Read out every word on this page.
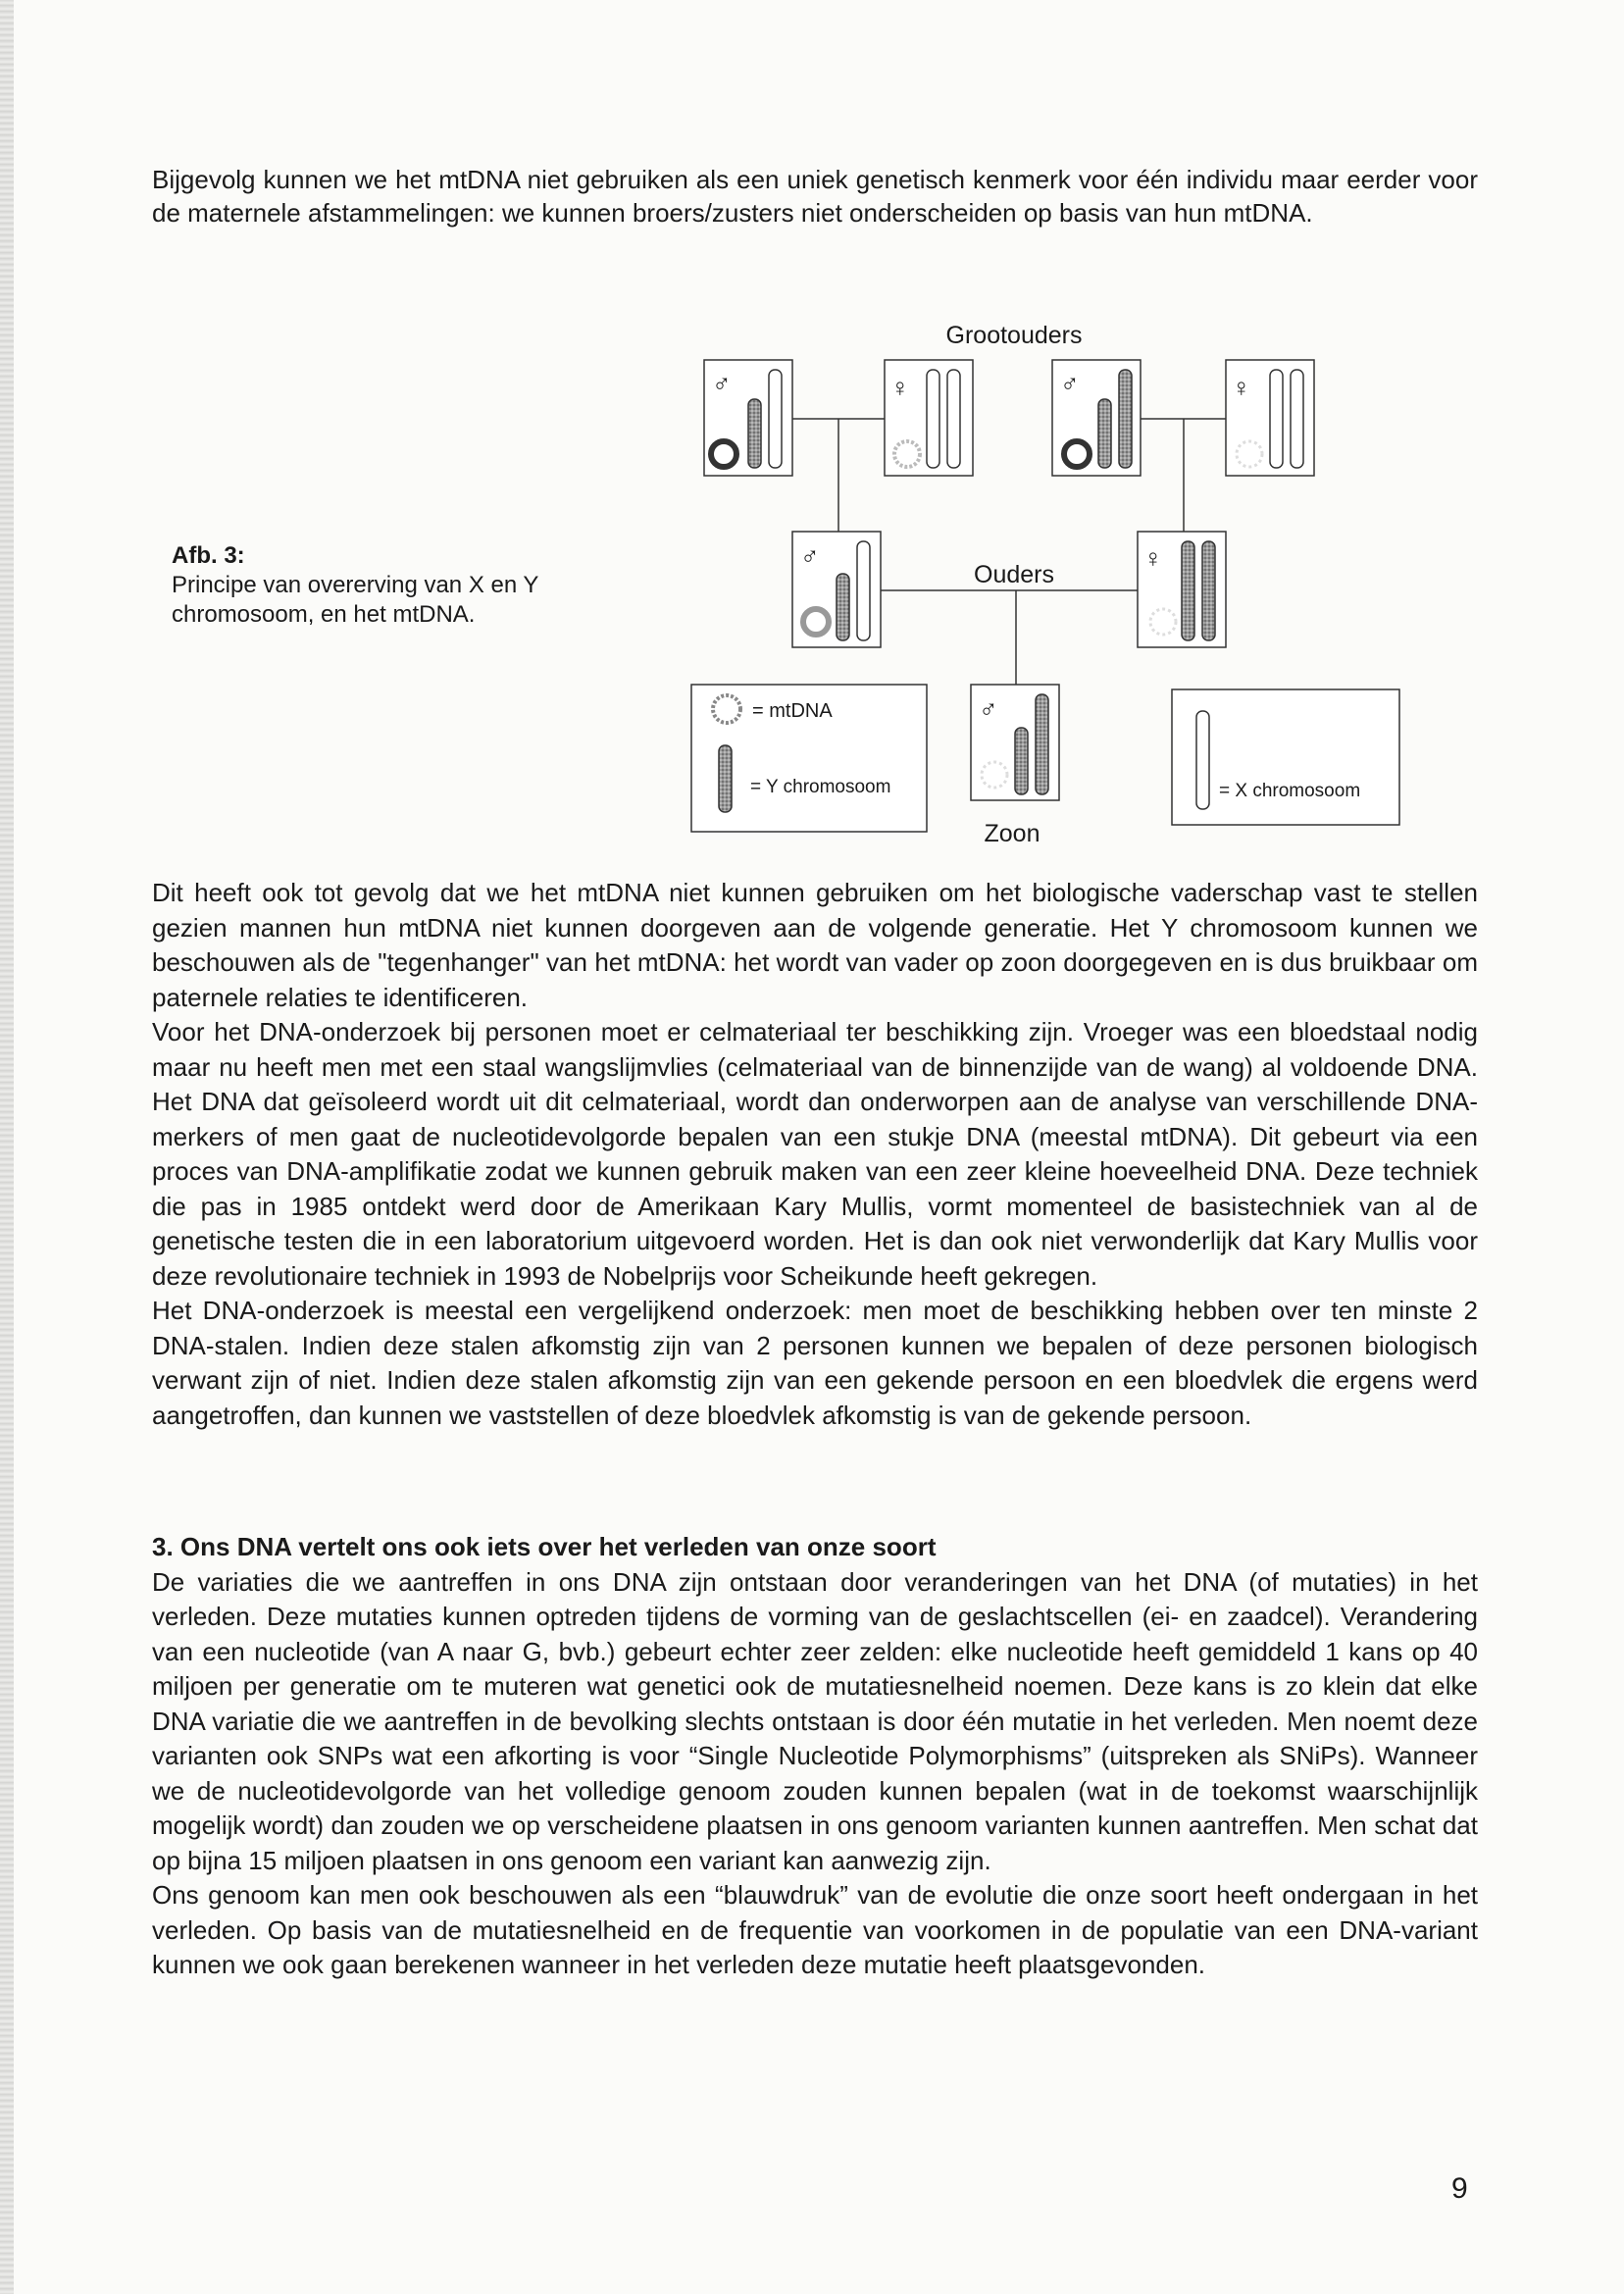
Bijgevolg kunnen we het mtDNA niet gebruiken als een uniek genetisch kenmerk voor één individu maar eerder voor de maternele afstammelingen: we kunnen broers/zusters niet onderscheiden op basis van hun mtDNA.

Afb. 3:
Principe van overerving van X en Y chromosoom, en het mtDNA.
Grootouders
♂	♀	♂	♀
Ouders
♂	♀
= mtDNA
= Y chromosoom
♂
Zoon
= X chromosoom

Dit heeft ook tot gevolg dat we het mtDNA niet kunnen gebruiken om het biologische vaderschap vast te stellen gezien mannen hun mtDNA niet kunnen doorgeven aan de volgende generatie. Het Y chromosoom kunnen we beschouwen als de "tegenhanger" van het mtDNA: het wordt van vader op zoon doorgegeven en is dus bruikbaar om paternele relaties te identificeren.

Voor het DNA-onderzoek bij personen moet er celmateriaal ter beschikking zijn. Vroeger was een bloedstaal nodig maar nu heeft men met een staal wangslijmvlies (celmateriaal van de binnenzijde van de wang) al voldoende DNA. Het DNA dat geïsoleerd wordt uit dit celmateriaal, wordt dan onderworpen aan de analyse van verschillende DNA-merkers of men gaat de nucleotidevolgorde bepalen van een stukje DNA (meestal mtDNA). Dit gebeurt via een proces van DNA-amplifikatie zodat we kunnen gebruik maken van een zeer kleine hoeveelheid DNA. Deze techniek die pas in 1985 ontdekt werd door de Amerikaan Kary Mullis, vormt momenteel de basistechniek van al de genetische testen die in een laboratorium uitgevoerd worden. Het is dan ook niet verwonderlijk dat Kary Mullis voor deze revolutionaire techniek in 1993 de Nobelprijs voor Scheikunde heeft gekregen.

Het DNA-onderzoek is meestal een vergelijkend onderzoek: men moet de beschikking hebben over ten minste 2 DNA-stalen. Indien deze stalen afkomstig zijn van 2 personen kunnen we bepalen of deze personen biologisch verwant zijn of niet. Indien deze stalen afkomstig zijn van een gekende persoon en een bloedvlek die ergens werd aangetroffen, dan kunnen we vaststellen of deze bloedvlek afkomstig is van de gekende persoon.

3. Ons DNA vertelt ons ook iets over het verleden van onze soort

De variaties die we aantreffen in ons DNA zijn ontstaan door veranderingen van het DNA (of mutaties) in het verleden. Deze mutaties kunnen optreden tijdens de vorming van de geslachtscellen (ei- en zaadcel). Verandering van een nucleotide (van A naar G, bvb.) gebeurt echter zeer zelden: elke nucleotide heeft gemiddeld 1 kans op 40 miljoen per generatie om te muteren wat genetici ook de mutatiesnelheid noemen. Deze kans is zo klein dat elke DNA variatie die we aantreffen in de bevolking slechts ontstaan is door één mutatie in het verleden. Men noemt deze varianten ook SNPs wat een afkorting is voor “Single Nucleotide Polymorphisms” (uitspreken als SNiPs). Wanneer we de nucleotidevolgorde van het volledige genoom zouden kunnen bepalen (wat in de toekomst waarschijnlijk mogelijk wordt) dan zouden we op verscheidene plaatsen in ons genoom varianten kunnen aantreffen. Men schat dat op bijna 15 miljoen plaatsen in ons genoom een variant kan aanwezig zijn.

Ons genoom kan men ook beschouwen als een “blauwdruk” van de evolutie die onze soort heeft ondergaan in het verleden. Op basis van de mutatiesnelheid en de frequentie van voorkomen in de populatie van een DNA-variant kunnen we ook gaan berekenen wanneer in het verleden deze mutatie heeft plaatsgevonden.

9
